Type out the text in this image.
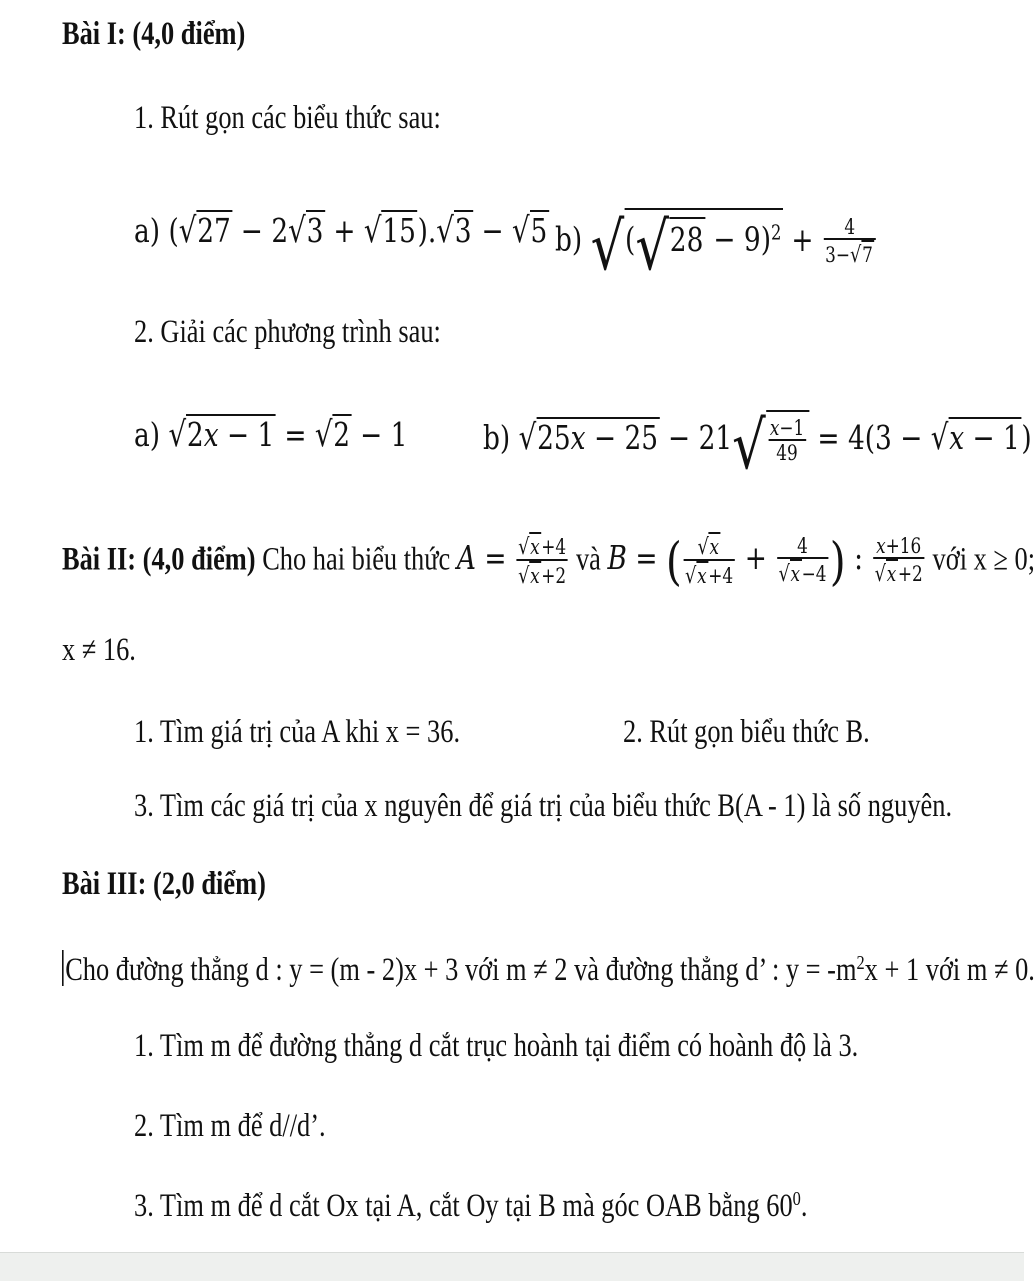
Bài I: (4,0 điểm)
1. Rút gọn các biểu thức sau:
a) (√27 − 2√3 + √15).√3 − √5 b) $√(√28 - 9)^2 + \frac{4}{3-√7}$
2. Giải các phương trình sau:
a) √2x − 1 = √2 − 1 b) $√25x - 25 - 21√ \frac{x-1}{49} = 4(3 - √x - 1)$
Bài II: (4,0 điểm) Cho hai biểu thức $A = \frac{√x+4}{√x+2}$ và B = ( $\frac{√x}{√x+4} + \frac{4}{√x-4}$ ) : $\frac{x+16}{√x+2}$ với x ≥ 0;
x ≠ 16.
1. Tìm giá trị của A khi x = 36.	2. Rút gọn biểu thức B.
3. Tìm các giá trị của x nguyên để giá trị của biểu thức B(A - 1) là số nguyên.
Bài III: (2,0 điểm)
Cho đường thẳng d : y = (m - 2)x + 3 với m ≠ 2 và đường thẳng d’ : $y = -m^2x + 1$ với m ≠ 0.
1. Tìm m để đường thẳng d cắt trục hoành tại điểm có hoành độ là 3.
2. Tìm m để d//d’.
3. Tìm m để d cắt Ox tại A, cắt Oy tại B mà góc OAB bằng $60^0$.
